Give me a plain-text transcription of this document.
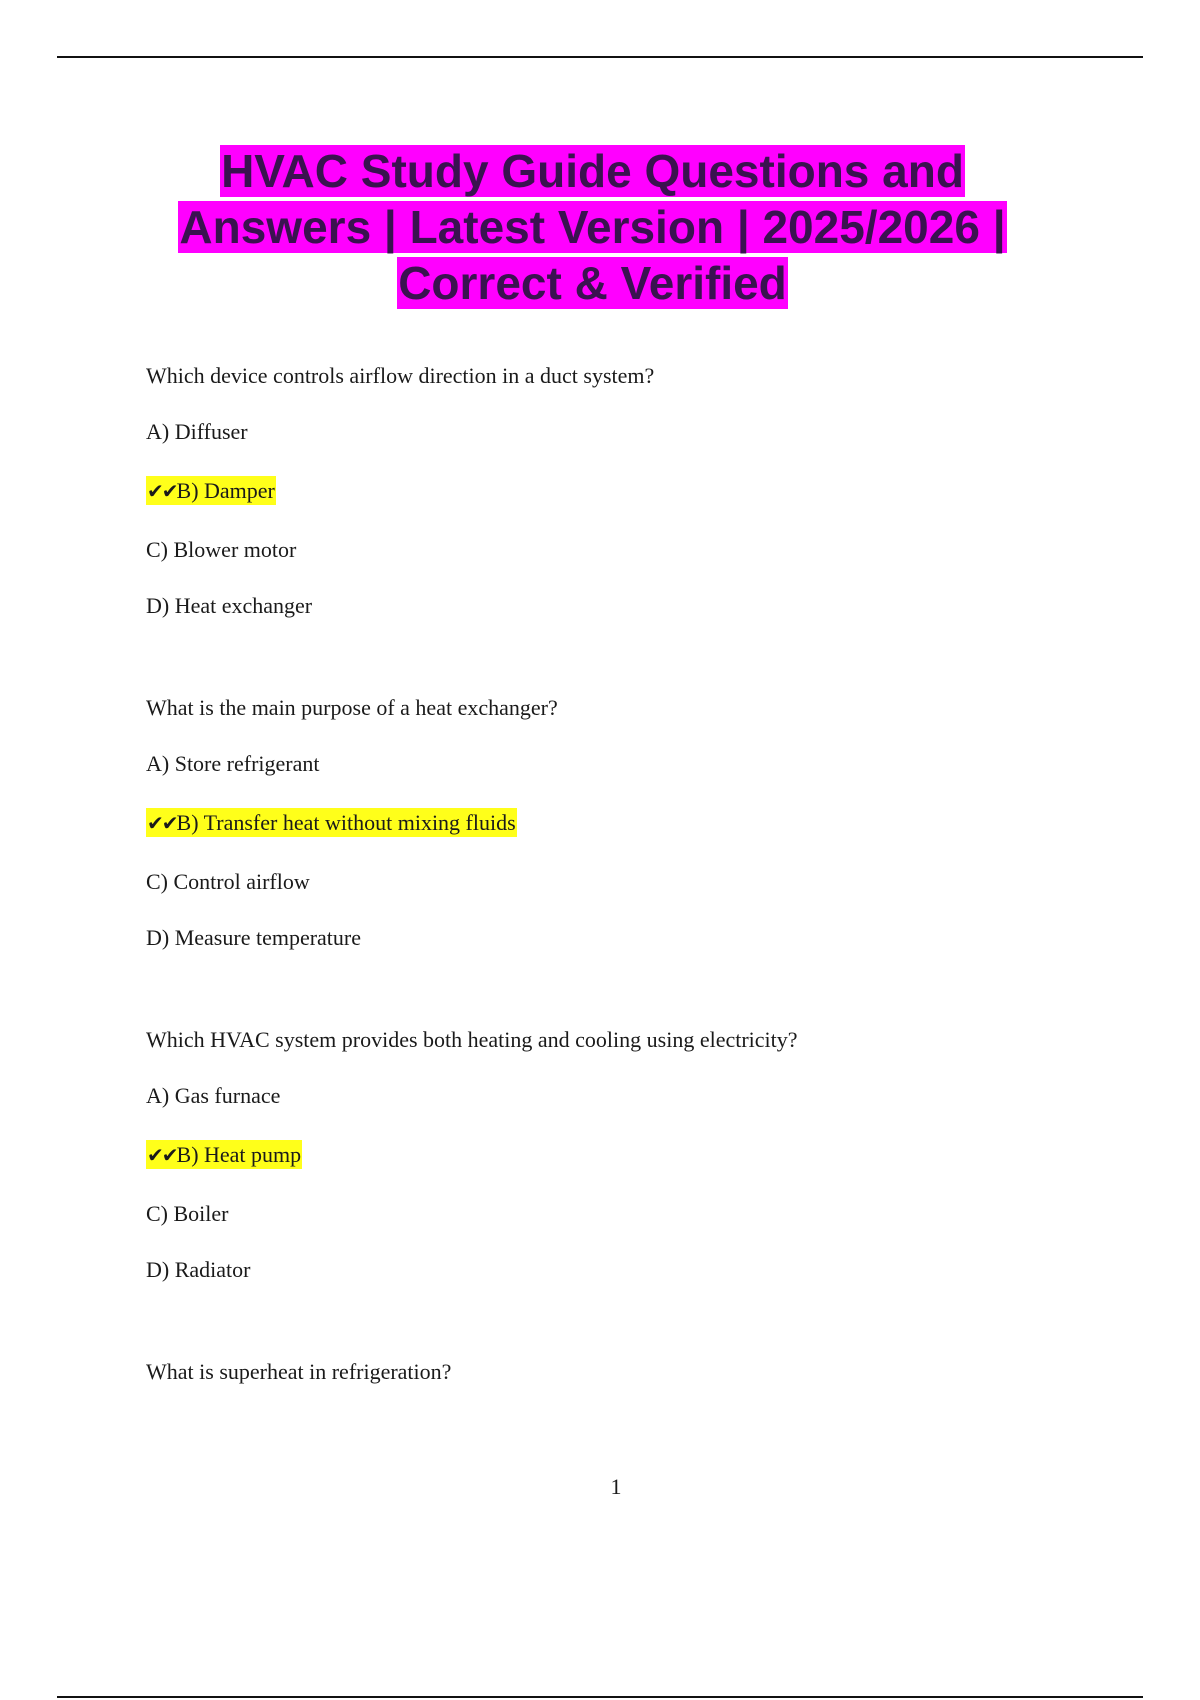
HVAC Study Guide Questions and
Answers | Latest Version | 2025/2026 |
Correct & Verified

Which device controls airflow direction in a duct system?

A) Diffuser

✔✔B) Damper

C) Blower motor

D) Heat exchanger

What is the main purpose of a heat exchanger?

A) Store refrigerant

✔✔B) Transfer heat without mixing fluids

C) Control airflow

D) Measure temperature

Which HVAC system provides both heating and cooling using electricity?

A) Gas furnace

✔✔B) Heat pump

C) Boiler

D) Radiator

What is superheat in refrigeration?

1
